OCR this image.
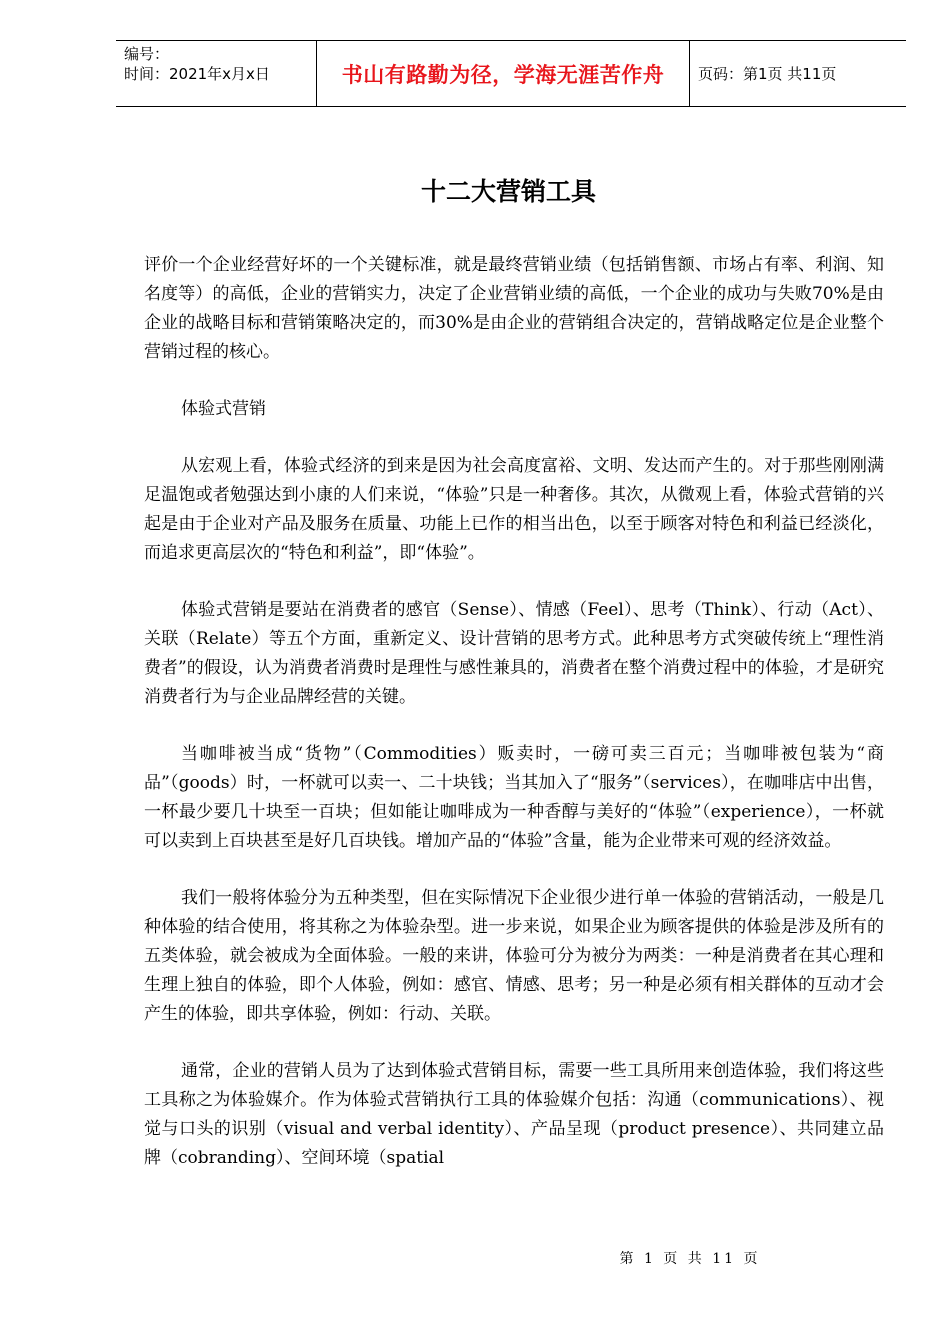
编号：
时间：2021年x月x日	书山有路勤为径，学海无涯苦作舟 页码：第1页 共11页
十二大营销工具

评价一个企业经营好坏的一个关键标准，就是最终营销业绩（包括销售额、市场占有率、利润、知名度等）的高低，企业的营销实力，决定了企业营销业绩的高低，一个企业的成功与失败70%是由企业的战略目标和营销策略决定的，而30%是由企业的营销组合决定的，营销战略定位是企业整个营销过程的核心。

体验式营销

从宏观上看，体验式经济的到来是因为社会高度富裕、文明、发达而产生的。对于那些刚刚满足温饱或者勉强达到小康的人们来说，“体验”只是一种奢侈。其次，从微观上看，体验式营销的兴起是由于企业对产品及服务在质量、功能上已作的相当出色，以至于顾客对特色和利益已经淡化，而追求更高层次的“特色和利益”，即“体验”。

体验式营销是要站在消费者的感官（Sense）、情感（Feel）、思考（Think）、行动（Act）、关联（Relate）等五个方面，重新定义、设计营销的思考方式。此种思考方式突破传统上“理性消费者”的假设，认为消费者消费时是理性与感性兼具的，消费者在整个消费过程中的体验，才是研究消费者行为与企业品牌经营的关键。

当咖啡被当成“货物”（Commodities）贩卖时，一磅可卖三百元；当咖啡被包装为“商品”（goods）时，一杯就可以卖一、二十块钱；当其加入了“服务”（services），在咖啡店中出售，一杯最少要几十块至一百块；但如能让咖啡成为一种香醇与美好的“体验”（experience），一杯就可以卖到上百块甚至是好几百块钱。增加产品的“体验”含量，能为企业带来可观的经济效益。

我们一般将体验分为五种类型，但在实际情况下企业很少进行单一体验的营销活动，一般是几种体验的结合使用，将其称之为体验杂型。进一步来说，如果企业为顾客提供的体验是涉及所有的五类体验，就会被成为全面体验。一般的来讲，体验可分为被分为两类：一种是消费者在其心理和生理上独自的体验，即个人体验，例如：感官、情感、思考；另一种是必须有相关群体的互动才会产生的体验，即共享体验，例如：行动、关联。

通常，企业的营销人员为了达到体验式营销目标，需要一些工具所用来创造体验，我们将这些工具称之为体验媒介。作为体验式营销执行工具的体验媒介包括：沟通（communications）、视觉与口头的识别（visual and verbal identity）、产品呈现（product presence）、共同建立品牌（cobranding）、空间环境（spatial

第 1 页 共 11 页
